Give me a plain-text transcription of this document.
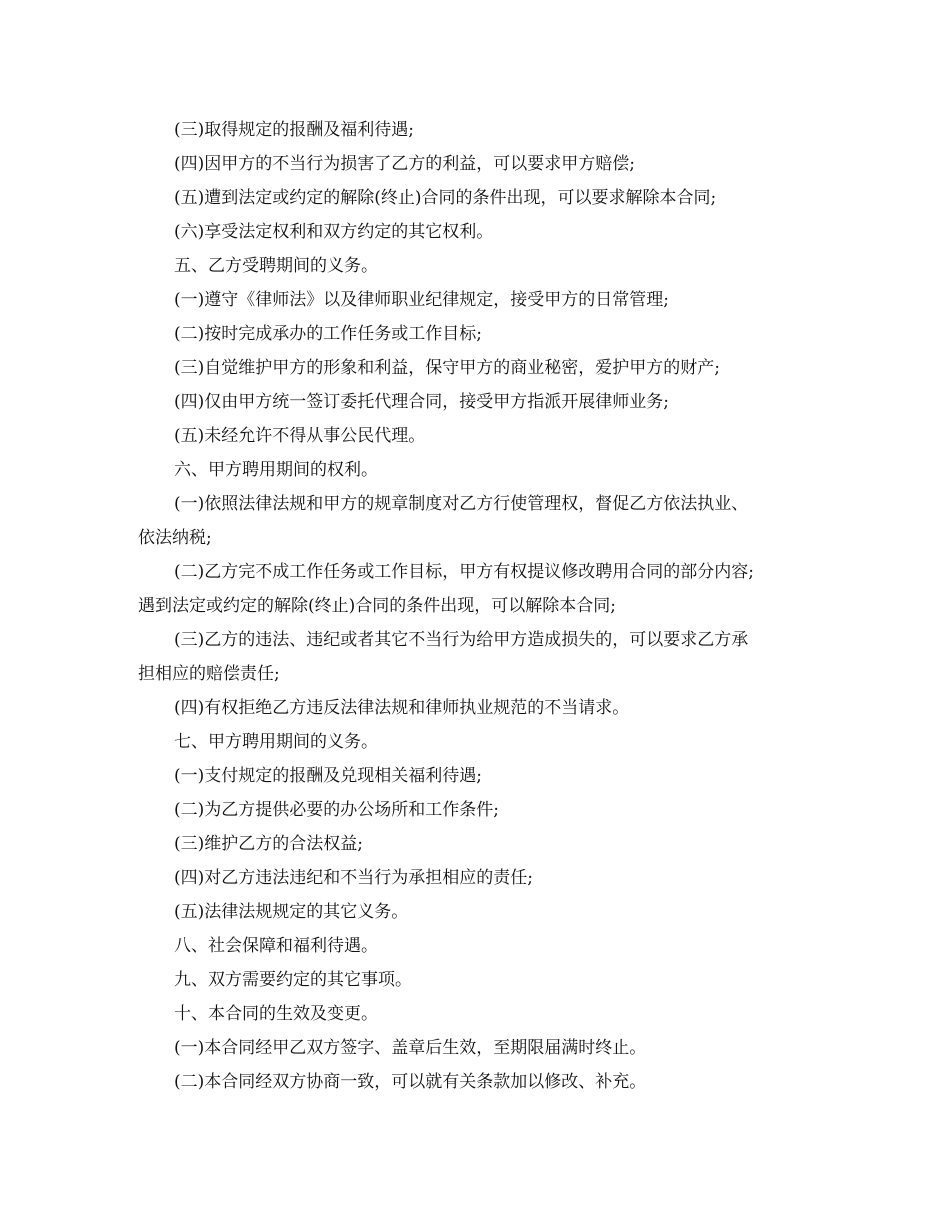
(三)取得规定的报酬及福利待遇;

(四)因甲方的不当行为损害了乙方的利益，可以要求甲方赔偿;

(五)遭到法定或约定的解除(终止)合同的条件出现，可以要求解除本合同;

(六)享受法定权利和双方约定的其它权利。

五、乙方受聘期间的义务。

(一)遵守《律师法》以及律师职业纪律规定，接受甲方的日常管理;

(二)按时完成承办的工作任务或工作目标;

(三)自觉维护甲方的形象和利益，保守甲方的商业秘密，爱护甲方的财产;

(四)仅由甲方统一签订委托代理合同，接受甲方指派开展律师业务;

(五)未经允许不得从事公民代理。

六、甲方聘用期间的权利。

(一)依照法律法规和甲方的规章制度对乙方行使管理权，督促乙方依法执业、

依法纳税;

(二)乙方完不成工作任务或工作目标，甲方有权提议修改聘用合同的部分内容;

遇到法定或约定的解除(终止)合同的条件出现，可以解除本合同;

(三)乙方的违法、违纪或者其它不当行为给甲方造成损失的，可以要求乙方承

担相应的赔偿责任;

(四)有权拒绝乙方违反法律法规和律师执业规范的不当请求。

七、甲方聘用期间的义务。

(一)支付规定的报酬及兑现相关福利待遇;

(二)为乙方提供必要的办公场所和工作条件;

(三)维护乙方的合法权益;

(四)对乙方违法违纪和不当行为承担相应的责任;

(五)法律法规规定的其它义务。

八、社会保障和福利待遇。

九、双方需要约定的其它事项。

十、本合同的生效及变更。

(一)本合同经甲乙双方签字、盖章后生效，至期限届满时终止。

(二)本合同经双方协商一致，可以就有关条款加以修改、补充。
